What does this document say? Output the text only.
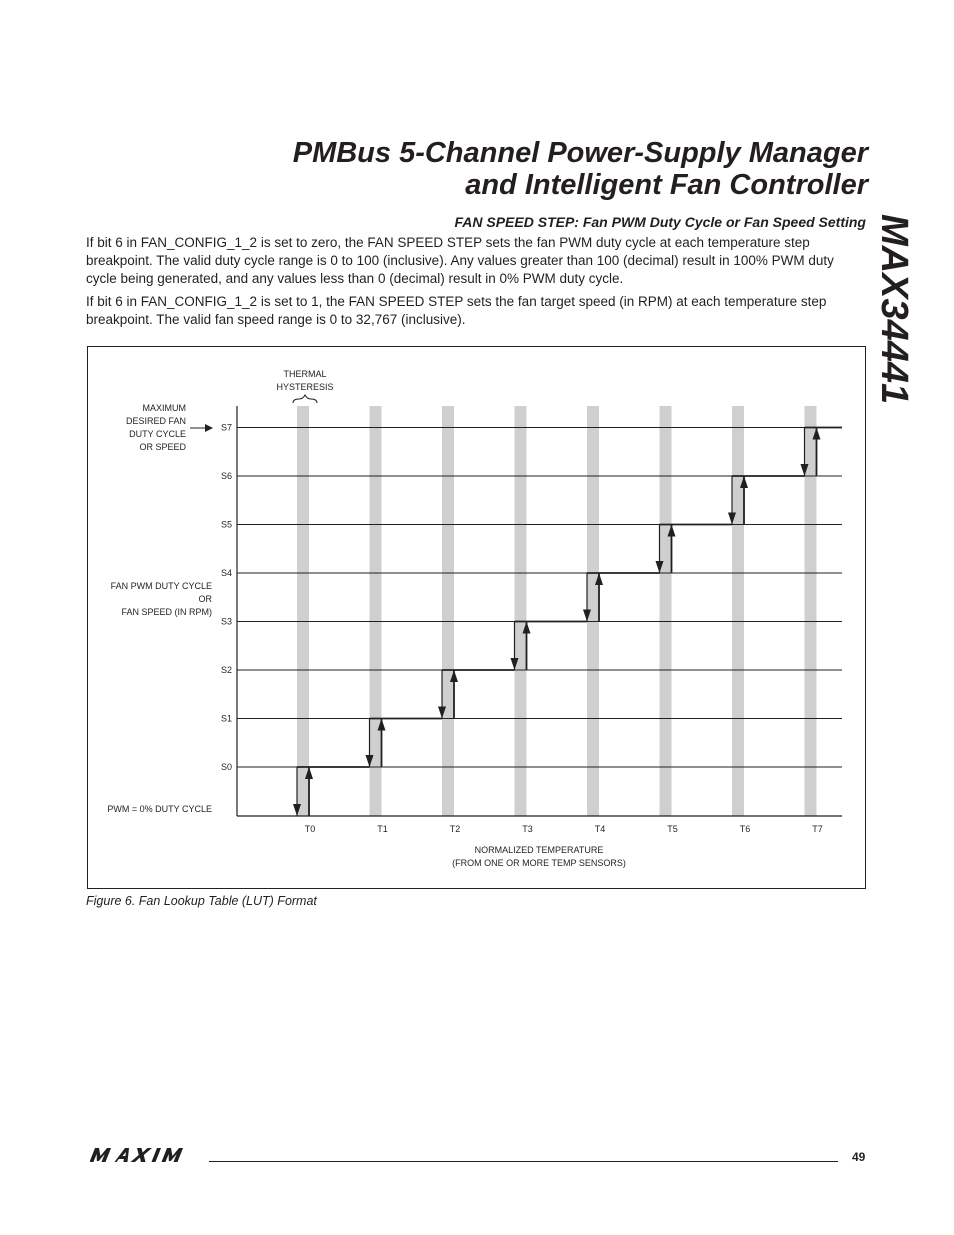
PMBus 5-Channel Power-Supply Manager
and Intelligent Fan Controller
MAX34441
FAN SPEED STEP: Fan PWM Duty Cycle or Fan Speed Setting

If bit 6 in FAN_CONFIG_1_2 is set to zero, the FAN SPEED STEP sets the fan PWM duty cycle at each temperature step breakpoint. The valid duty cycle range is 0 to 100 (inclusive). Any values greater than 100 (decimal) result in 100% PWM duty cycle being generated, and any values less than 0 (decimal) result in 0% PWM duty cycle.

If bit 6 in FAN_CONFIG_1_2 is set to 1, the FAN SPEED STEP sets the fan target speed (in RPM) at each temperature step breakpoint. The valid fan speed range is 0 to 32,767 (inclusive).

S0
S1
S2
S3
S4
S5
S6
S7
T0	T1	T2	T3	T4	T5	T6	T7
THERMAL
HYSTERESIS
MAXIMUM
DESIRED FAN
DUTY CYCLE
OR SPEED
FAN PWM DUTY CYCLE
OR
FAN SPEED (IN RPM)
PWM = 0% DUTY CYCLE
NORMALIZED TEMPERATURE
(FROM ONE OR MORE TEMP SENSORS)
Figure 6. Fan Lookup Table (LUT) Format
49
